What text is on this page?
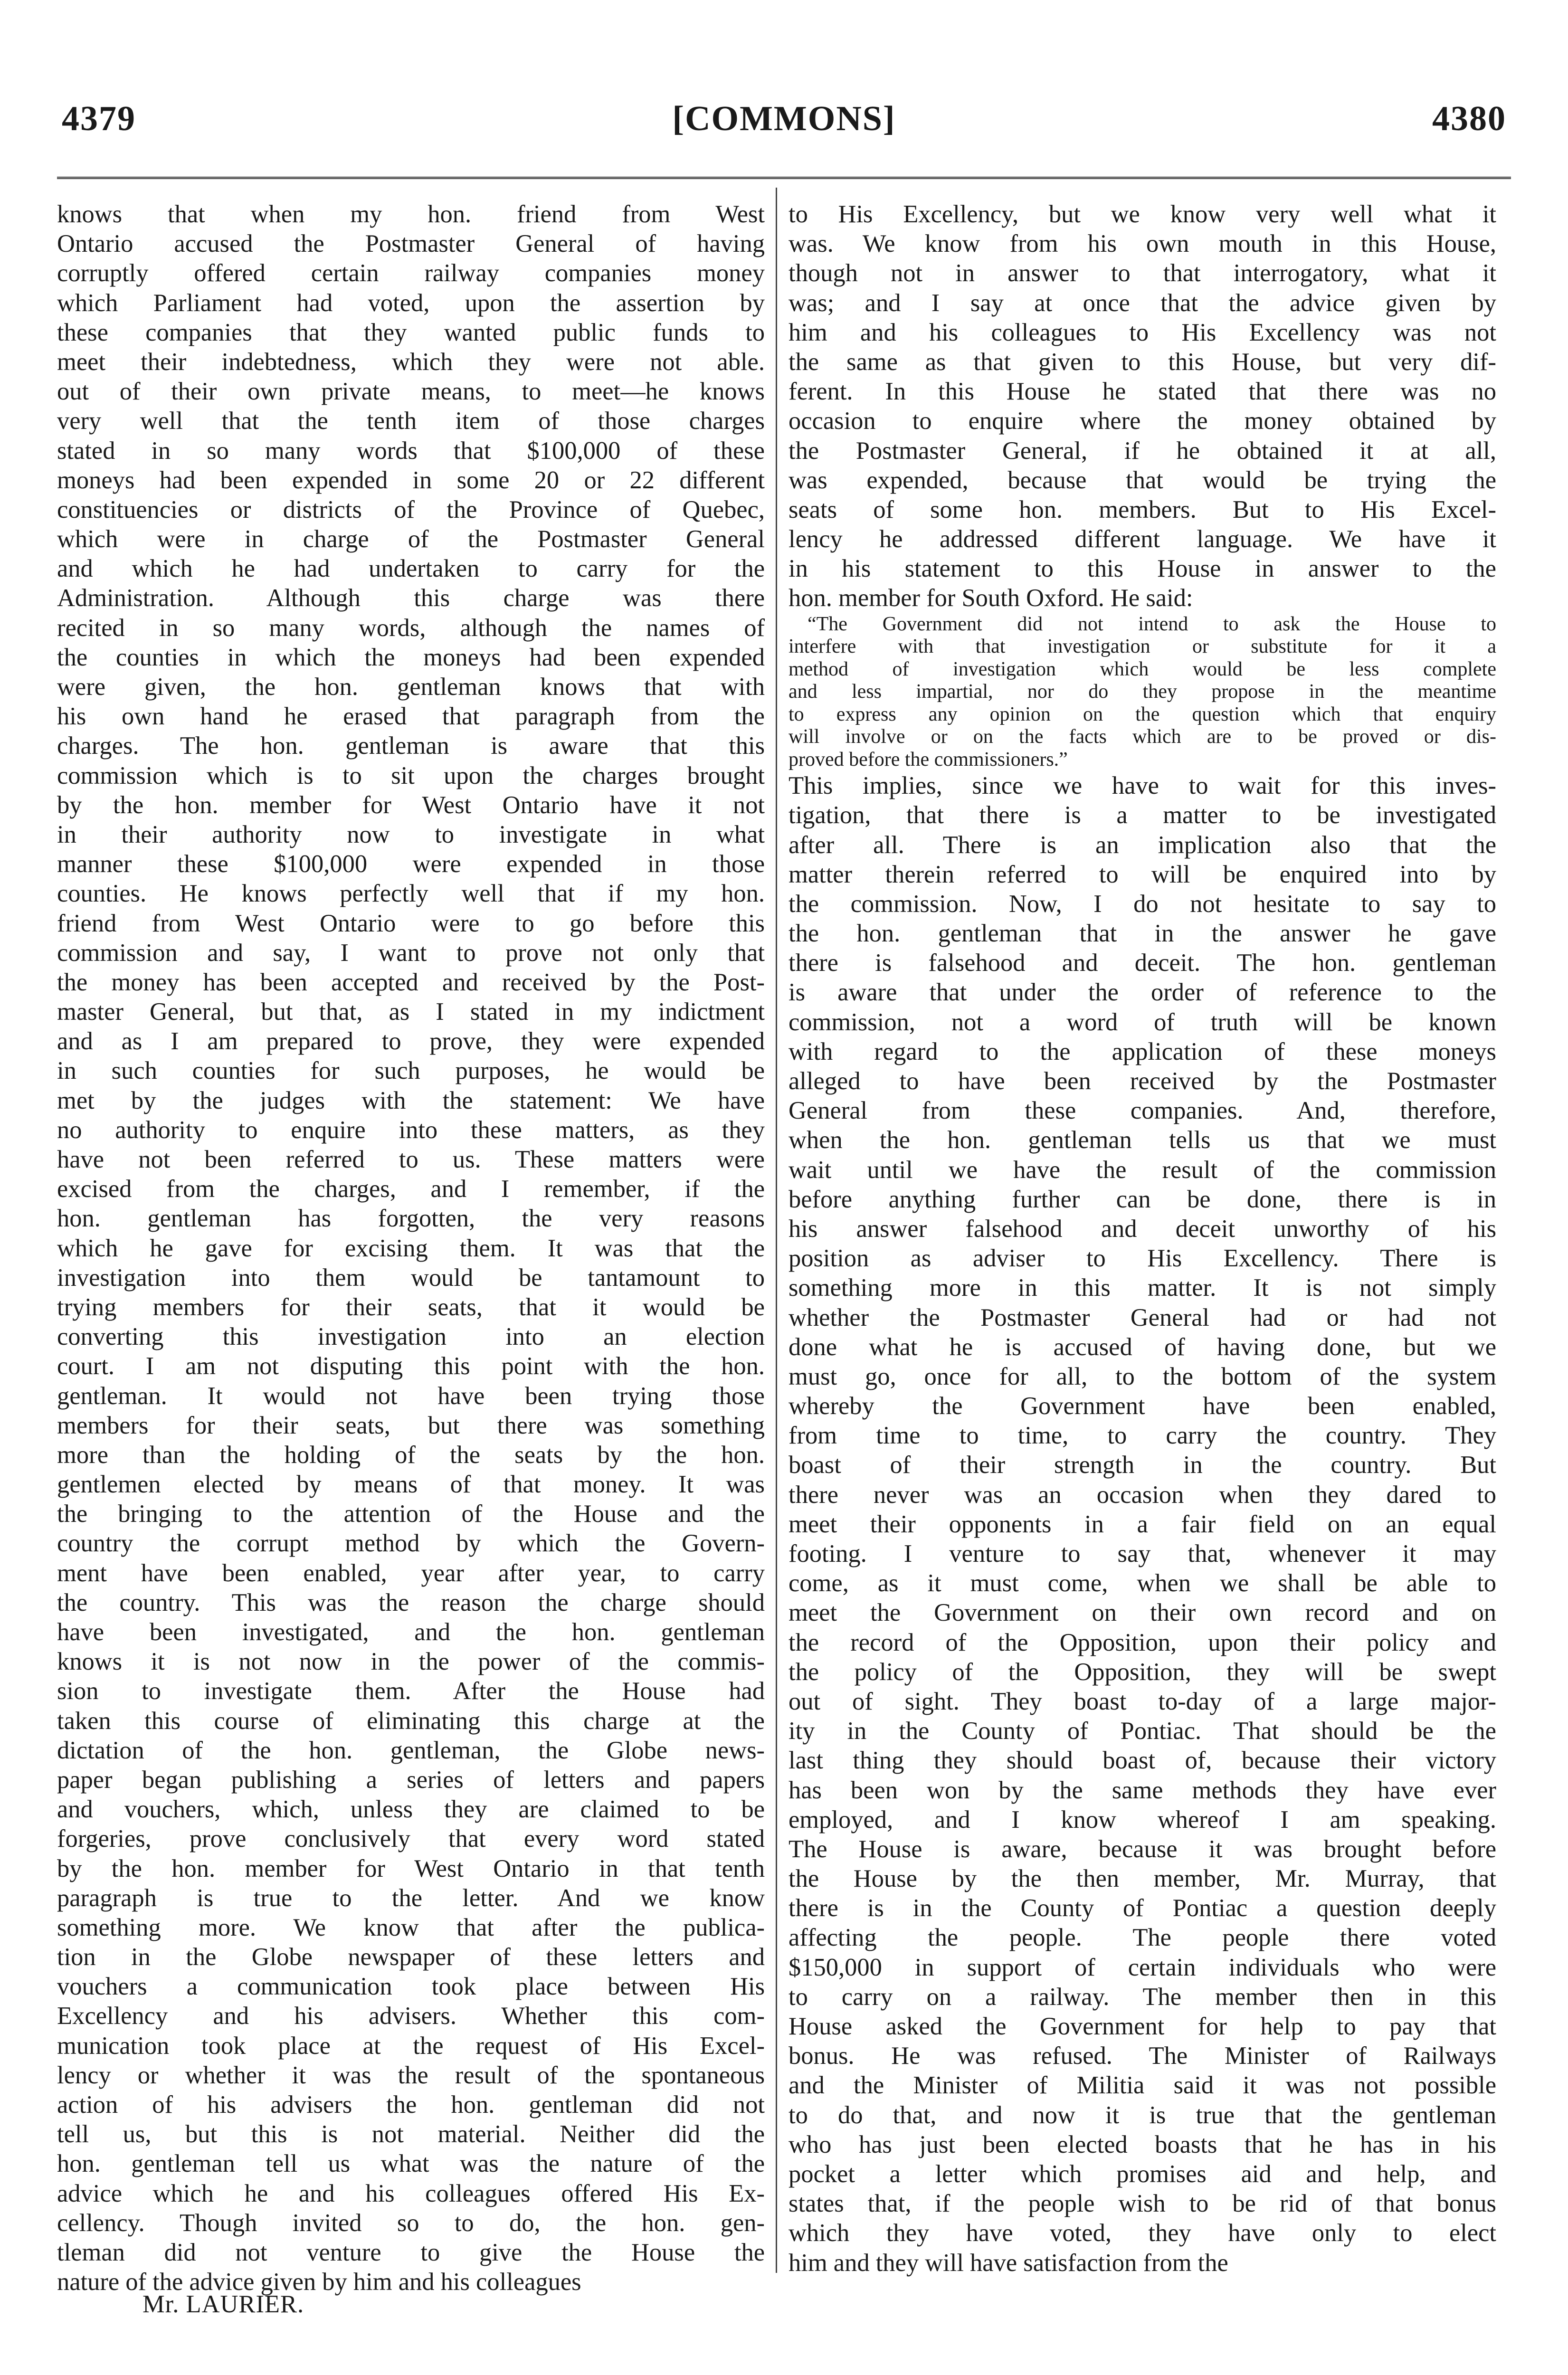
4379	[COMMONS]	4380
knows that when my hon. friend from West
Ontario accused the Postmaster General of having
corruptly offered certain railway companies money
which Parliament had voted, upon the assertion by
these companies that they wanted public funds to
meet their indebtedness, which they were not able.
out of their own private means, to meet—he knows
very well that the tenth item of those charges
stated in so many words that $100,000 of these
moneys had been expended in some 20 or 22 different
constituencies or districts of the Province of Quebec,
which were in charge of the Postmaster General
and which he had undertaken to carry for the
Administration. Although this charge was there
recited in so many words, although the names of
the counties in which the moneys had been expended
were given, the hon. gentleman knows that with
his own hand he erased that paragraph from the
charges. The hon. gentleman is aware that this
commission which is to sit upon the charges brought
by the hon. member for West Ontario have it not
in their authority now to investigate in what
manner these $100,000 were expended in those
counties. He knows perfectly well that if my hon.
friend from West Ontario were to go before this
commission and say, I want to prove not only that
the money has been accepted and received by the Post-
master General, but that, as I stated in my indictment
and as I am prepared to prove, they were expended
in such counties for such purposes, he would be
met by the judges with the statement: We have
no authority to enquire into these matters, as they
have not been referred to us. These matters were
excised from the charges, and I remember, if the
hon. gentleman has forgotten, the very reasons
which he gave for excising them. It was that the
investigation into them would be tantamount to
trying members for their seats, that it would be
converting this investigation into an election
court. I am not disputing this point with the hon.
gentleman. It would not have been trying those
members for their seats, but there was something
more than the holding of the seats by the hon.
gentlemen elected by means of that money. It was
the bringing to the attention of the House and the
country the corrupt method by which the Govern-
ment have been enabled, year after year, to carry
the country. This was the reason the charge should
have been investigated, and the hon. gentleman
knows it is not now in the power of the commis-
sion to investigate them. After the House had
taken this course of eliminating this charge at the
dictation of the hon. gentleman, the Globe news-
paper began publishing a series of letters and papers
and vouchers, which, unless they are claimed to be
forgeries, prove conclusively that every word stated
by the hon. member for West Ontario in that tenth
paragraph is true to the letter. And we know
something more. We know that after the publica-
tion in the Globe newspaper of these letters and
vouchers a communication took place between His
Excellency and his advisers. Whether this com-
munication took place at the request of His Excel-
lency or whether it was the result of the spontaneous
action of his advisers the hon. gentleman did not
tell us, but this is not material. Neither did the
hon. gentleman tell us what was the nature of the
advice which he and his colleagues offered His Ex-
cellency. Though invited so to do, the hon. gen-
tleman did not venture to give the House the
nature of the advice given by him and his colleagues
to His Excellency, but we know very well what it
was. We know from his own mouth in this House,
though not in answer to that interrogatory, what it
was; and I say at once that the advice given by
him and his colleagues to His Excellency was not
the same as that given to this House, but very dif-
ferent. In this House he stated that there was no
occasion to enquire where the money obtained by
the Postmaster General, if he obtained it at all,
was expended, because that would be trying the
seats of some hon. members. But to His Excel-
lency he addressed different language. We have it
in his statement to this House in answer to the
hon. member for South Oxford. He said:
“The Government did not intend to ask the House to
interfere with that investigation or substitute for it a
method of investigation which would be less complete
and less impartial, nor do they propose in the meantime
to express any opinion on the question which that enquiry
will involve or on the facts which are to be proved or dis-
proved before the commissioners.”
This implies, since we have to wait for this inves-
tigation, that there is a matter to be investigated
after all. There is an implication also that the
matter therein referred to will be enquired into by
the commission. Now, I do not hesitate to say to
the hon. gentleman that in the answer he gave
there is falsehood and deceit. The hon. gentleman
is aware that under the order of reference to the
commission, not a word of truth will be known
with regard to the application of these moneys
alleged to have been received by the Postmaster
General from these companies. And, therefore,
when the hon. gentleman tells us that we must
wait until we have the result of the commission
before anything further can be done, there is in
his answer falsehood and deceit unworthy of his
position as adviser to His Excellency. There is
something more in this matter. It is not simply
whether the Postmaster General had or had not
done what he is accused of having done, but we
must go, once for all, to the bottom of the system
whereby the Government have been enabled,
from time to time, to carry the country. They
boast of their strength in the country. But
there never was an occasion when they dared to
meet their opponents in a fair field on an equal
footing. I venture to say that, whenever it may
come, as it must come, when we shall be able to
meet the Government on their own record and on
the record of the Opposition, upon their policy and
the policy of the Opposition, they will be swept
out of sight. They boast to-day of a large major-
ity in the County of Pontiac. That should be the
last thing they should boast of, because their victory
has been won by the same methods they have ever
employed, and I know whereof I am speaking.
The House is aware, because it was brought before
the House by the then member, Mr. Murray, that
there is in the County of Pontiac a question deeply
affecting the people. The people there voted
$150,000 in support of certain individuals who were
to carry on a railway. The member then in this
House asked the Government for help to pay that
bonus. He was refused. The Minister of Railways
and the Minister of Militia said it was not possible
to do that, and now it is true that the gentleman
who has just been elected boasts that he has in his
pocket a letter which promises aid and help, and
states that, if the people wish to be rid of that bonus
which they have voted, they have only to elect
him and they will have satisfaction from the
Mr. LAURIER.
